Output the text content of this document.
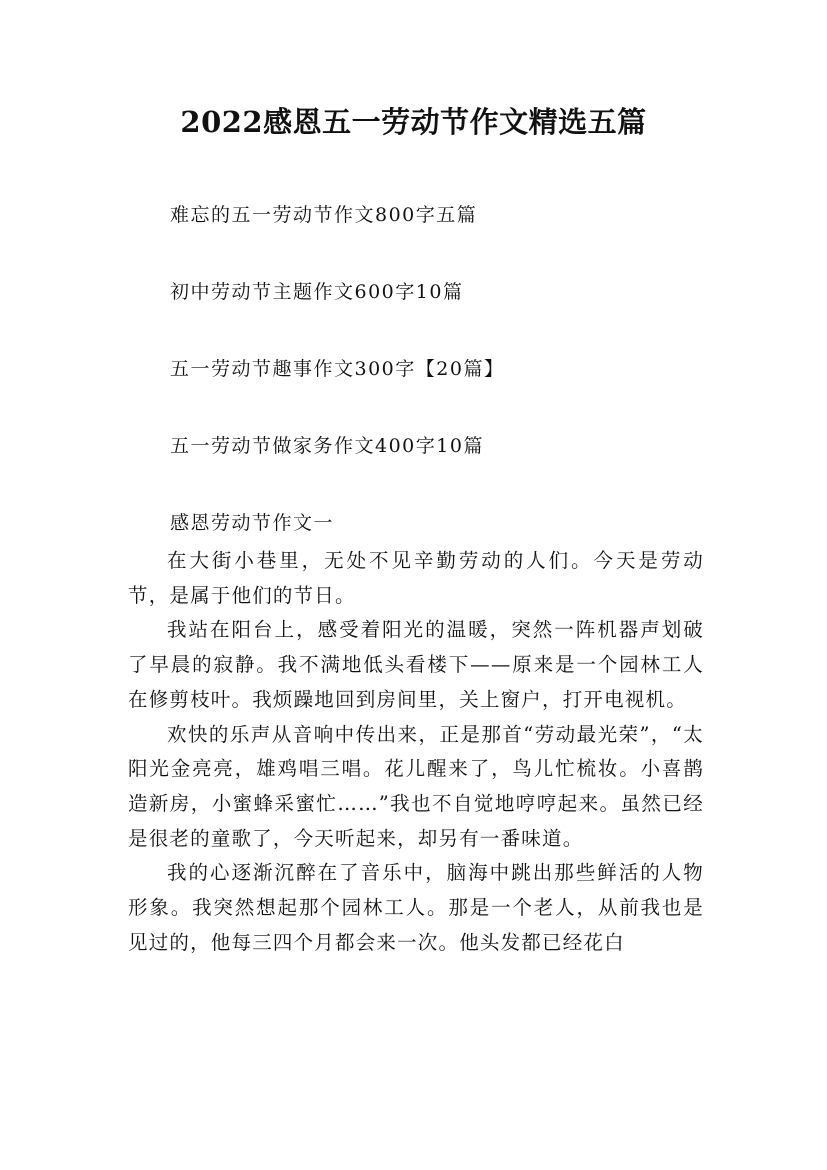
2022感恩五一劳动节作文精选五篇
难忘的五一劳动节作文800字五篇
初中劳动节主题作文600字10篇
五一劳动节趣事作文300字【20篇】
五一劳动节做家务作文400字10篇
感恩劳动节作文一

在大街小巷里，无处不见辛勤劳动的人们。今天是劳动节，是属于他们的节日。

我站在阳台上，感受着阳光的温暖，突然一阵机器声划破了早晨的寂静。我不满地低头看楼下——原来是一个园林工人在修剪枝叶。我烦躁地回到房间里，关上窗户，打开电视机。

欢快的乐声从音响中传出来，正是那首“劳动最光荣”，“太阳光金亮亮，雄鸡唱三唱。花儿醒来了，鸟儿忙梳妆。小喜鹊造新房，小蜜蜂采蜜忙……”我也不自觉地哼哼起来。虽然已经是很老的童歌了，今天听起来，却另有一番味道。

我的心逐渐沉醉在了音乐中，脑海中跳出那些鲜活的人物形象。我突然想起那个园林工人。那是一个老人，从前我也是见过的，他每三四个月都会来一次。他头发都已经花白
